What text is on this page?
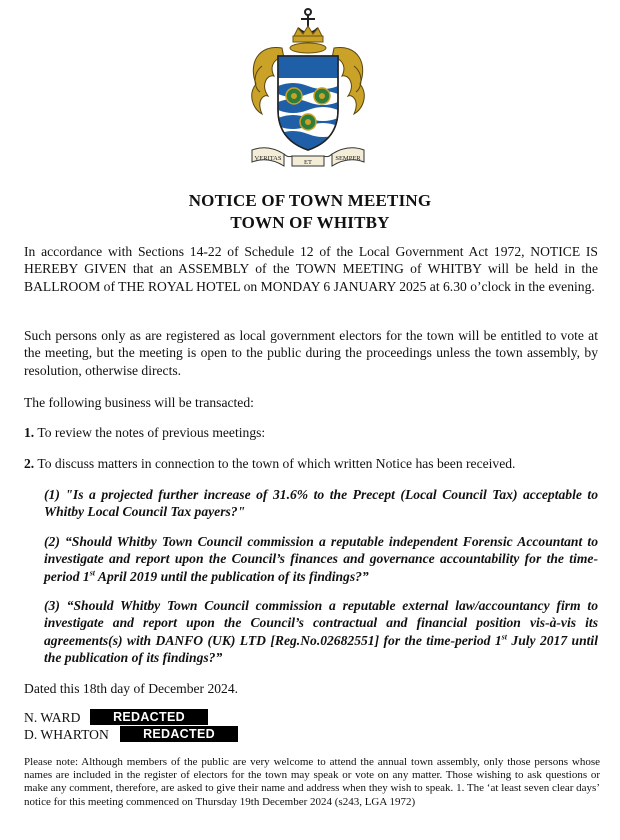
VERITAS
ET
SEMPER
NOTICE OF TOWN MEETING
TOWN OF WHITBY

In accordance with Sections 14-22 of Schedule 12 of the Local Government Act 1972, NOTICE IS HEREBY GIVEN that an ASSEMBLY of the TOWN MEETING of WHITBY will be held in the BALLROOM of THE ROYAL HOTEL on MONDAY 6 JANUARY 2025 at 6.30 o’clock in the evening.

Such persons only as are registered as local government electors for the town will be entitled to vote at the meeting, but the meeting is open to the public during the proceedings unless the town assembly, by resolution, otherwise directs.

The following business will be transacted:

1. To review the notes of previous meetings:

2. To discuss matters in connection to the town of which written Notice has been received.

(1) "Is a projected further increase of 31.6% to the Precept (Local Council Tax) acceptable to Whitby Local Council Tax payers?"

(2) “Should Whitby Town Council commission a reputable independent Forensic Accountant to investigate and report upon the Council’s finances and governance accountability for the time-period 1st April 2019 until the publication of its findings?”

(3) “Should Whitby Town Council commission a reputable external law/accountancy firm to investigate and report upon the Council’s contractual and financial position vis-à-vis its agreements(s) with DANFO (UK) LTD [Reg.No.02682551] for the time-period 1st July 2017 until the publication of its findings?”

Dated this 18th day of December 2024.
N. WARD	REDACTED
D. WHARTON	REDACTED

Please note: Although members of the public are very welcome to attend the annual town assembly, only those persons whose names are included in the register of electors for the town may speak or vote on any matter. Those wishing to ask questions or make any comment, therefore, are asked to give their name and address when they wish to speak. 1. The ‘at least seven clear days’ notice for this meeting commenced on Thursday 19th December 2024 (s243, LGA 1972)
